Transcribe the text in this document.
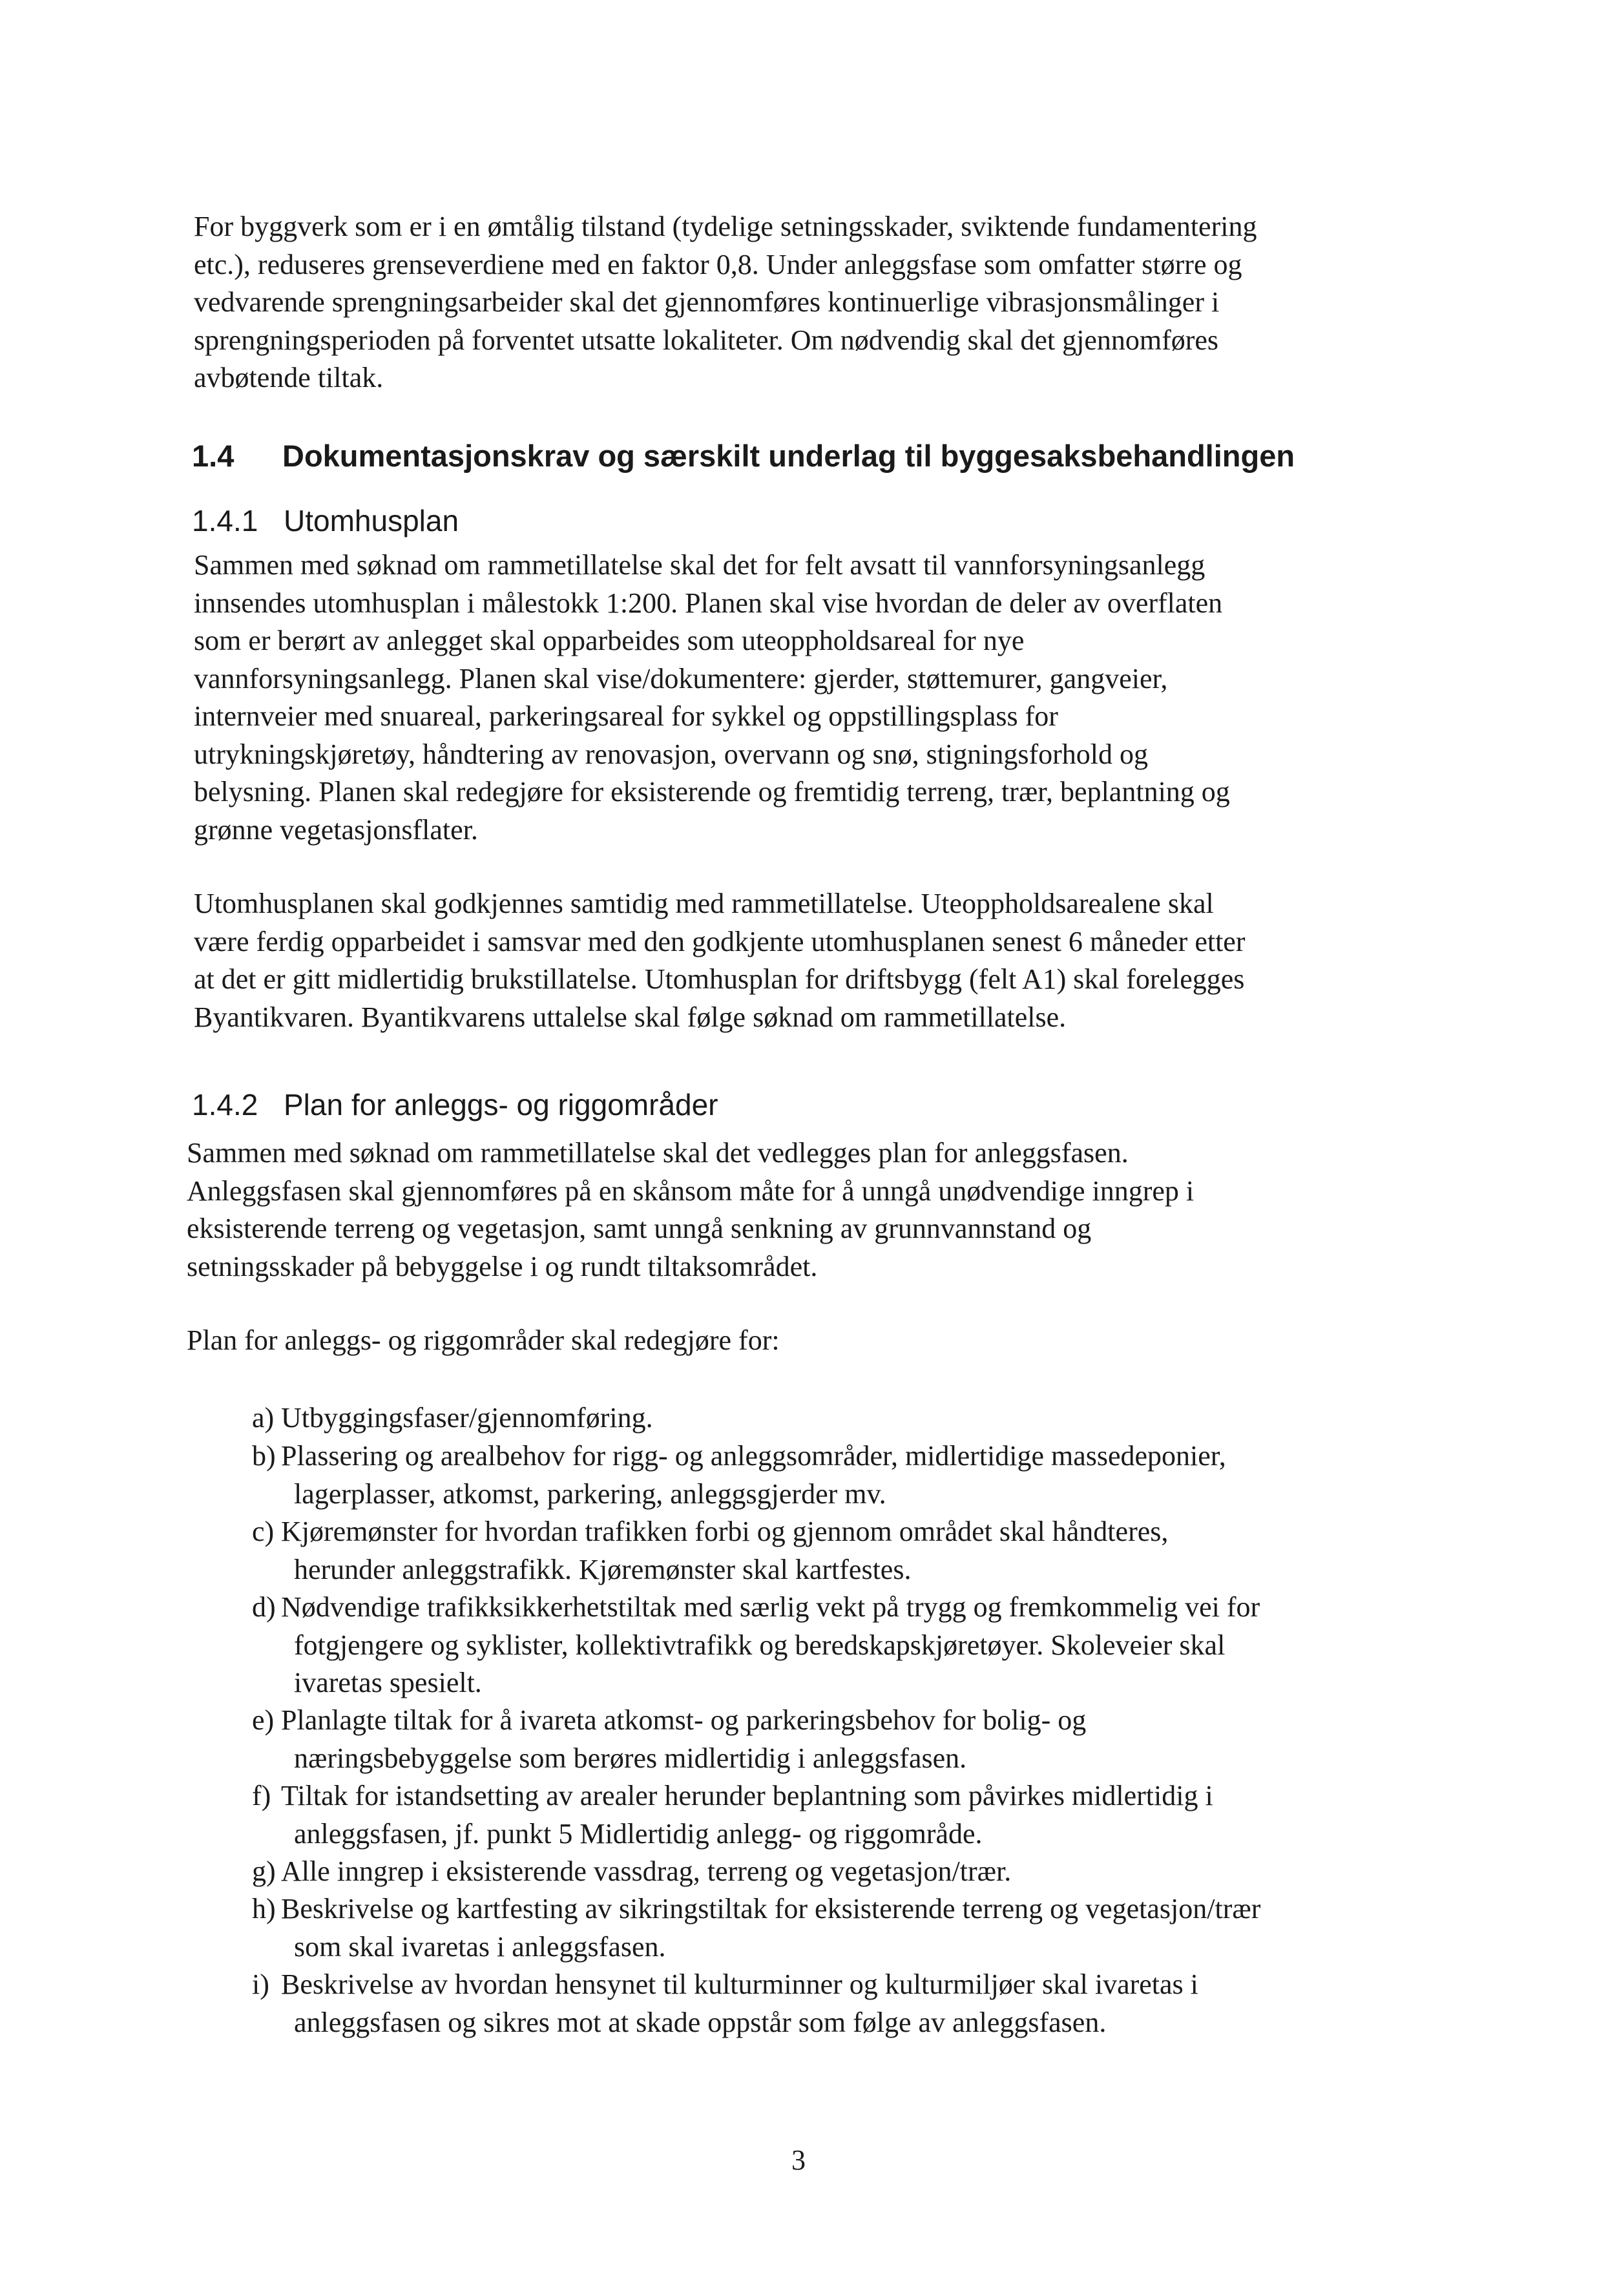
For byggverk som er i en ømtålig tilstand (tydelige setningsskader, sviktende fundamentering
etc.), reduseres grenseverdiene med en faktor 0,8. Under anleggsfase som omfatter større og
vedvarende sprengningsarbeider skal det gjennomføres kontinuerlige vibrasjonsmålinger i
sprengningsperioden på forventet utsatte lokaliteter. Om nødvendig skal det gjennomføres
avbøtende tiltak.
1.4 Dokumentasjonskrav og særskilt underlag til byggesaksbehandlingen
1.4.1 Utomhusplan
Sammen med søknad om rammetillatelse skal det for felt avsatt til vannforsyningsanlegg
innsendes utomhusplan i målestokk 1:200. Planen skal vise hvordan de deler av overflaten
som er berørt av anlegget skal opparbeides som uteoppholdsareal for nye
vannforsyningsanlegg. Planen skal vise/dokumentere: gjerder, støttemurer, gangveier,
internveier med snuareal, parkeringsareal for sykkel og oppstillingsplass for
utrykningskjøretøy, håndtering av renovasjon, overvann og snø, stigningsforhold og
belysning. Planen skal redegjøre for eksisterende og fremtidig terreng, trær, beplantning og
grønne vegetasjonsflater.
Utomhusplanen skal godkjennes samtidig med rammetillatelse. Uteoppholdsarealene skal
være ferdig opparbeidet i samsvar med den godkjente utomhusplanen senest 6 måneder etter
at det er gitt midlertidig brukstillatelse. Utomhusplan for driftsbygg (felt A1) skal forelegges
Byantikvaren. Byantikvarens uttalelse skal følge søknad om rammetillatelse.
1.4.2 Plan for anleggs- og riggområder
Sammen med søknad om rammetillatelse skal det vedlegges plan for anleggsfasen.
Anleggsfasen skal gjennomføres på en skånsom måte for å unngå unødvendige inngrep i
eksisterende terreng og vegetasjon, samt unngå senkning av grunnvannstand og
setningsskader på bebyggelse i og rundt tiltaksområdet.
Plan for anleggs- og riggområder skal redegjøre for:
a) Utbyggingsfaser/gjennomføring.
b) Plassering og arealbehov for rigg- og anleggsområder, midlertidige massedeponier,
lagerplasser, atkomst, parkering, anleggsgjerder mv.
c) Kjøremønster for hvordan trafikken forbi og gjennom området skal håndteres,
herunder anleggstrafikk. Kjøremønster skal kartfestes.
d) Nødvendige trafikksikkerhetstiltak med særlig vekt på trygg og fremkommelig vei for
fotgjengere og syklister, kollektivtrafikk og beredskapskjøretøyer. Skoleveier skal
ivaretas spesielt.
e) Planlagte tiltak for å ivareta atkomst- og parkeringsbehov for bolig- og
næringsbebyggelse som berøres midlertidig i anleggsfasen.
f) Tiltak for istandsetting av arealer herunder beplantning som påvirkes midlertidig i
anleggsfasen, jf. punkt 5 Midlertidig anlegg- og riggområde.
g) Alle inngrep i eksisterende vassdrag, terreng og vegetasjon/trær.
h) Beskrivelse og kartfesting av sikringstiltak for eksisterende terreng og vegetasjon/trær
som skal ivaretas i anleggsfasen.
i) Beskrivelse av hvordan hensynet til kulturminner og kulturmiljøer skal ivaretas i
anleggsfasen og sikres mot at skade oppstår som følge av anleggsfasen.
3
